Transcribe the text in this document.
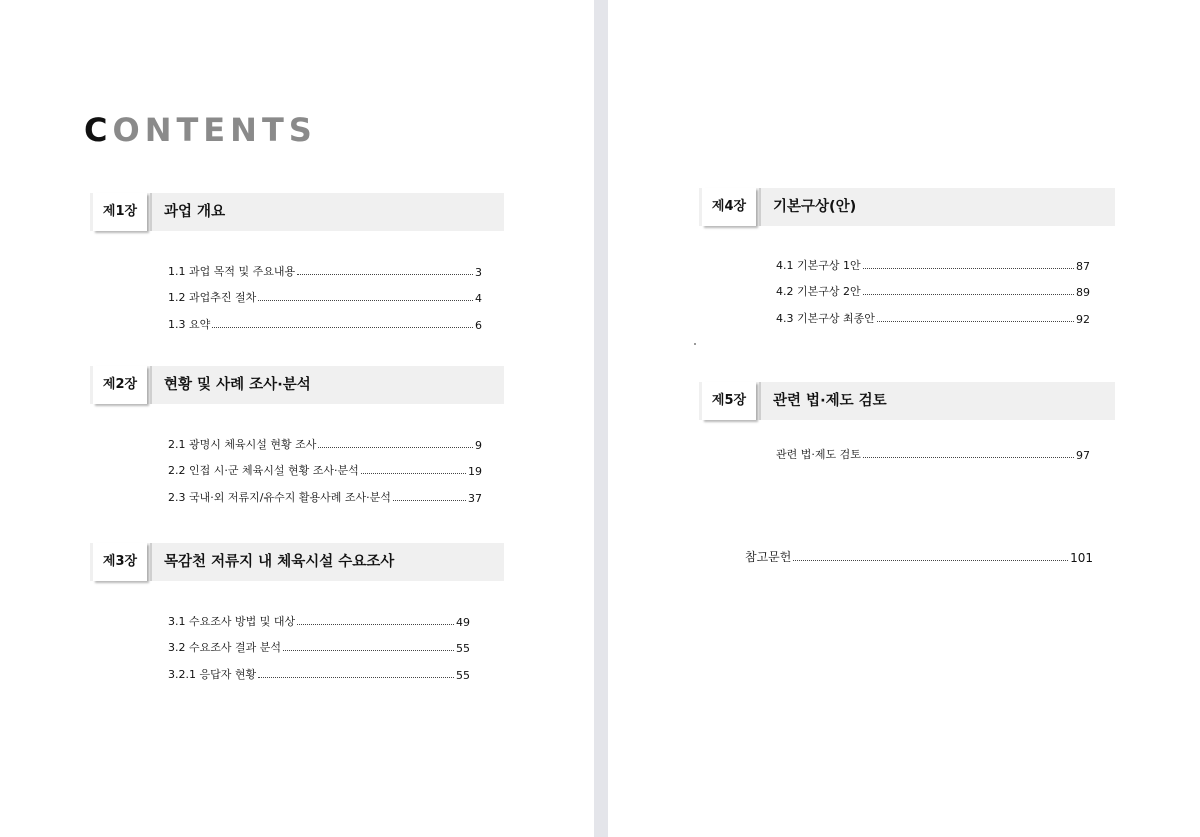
CONTENTS
제1장	과업 개요
1.1 과업 목적 및 주요내용	3
1.2 과업추진 절차	4
1.3 요약	6
제2장	현황 및 사례 조사·분석
2.1 광명시 체육시설 현황 조사	9
2.2 인접 시·군 체육시설 현황 조사·분석	19
2.3 국내·외 저류지/유수지 활용사례 조사·분석	37
제3장	목감천 저류지 내 체육시설 수요조사
3.1 수요조사 방법 및 대상	49
3.2 수요조사 결과 분석	55
3.2.1 응답자 현황	55
제4장	기본구상(안)
4.1 기본구상 1안	87
4.2 기본구상 2안	89
4.3 기본구상 최종안	92
제5장	관련 법·제도 검토
관련 법·제도 검토	97
참고문헌	101
